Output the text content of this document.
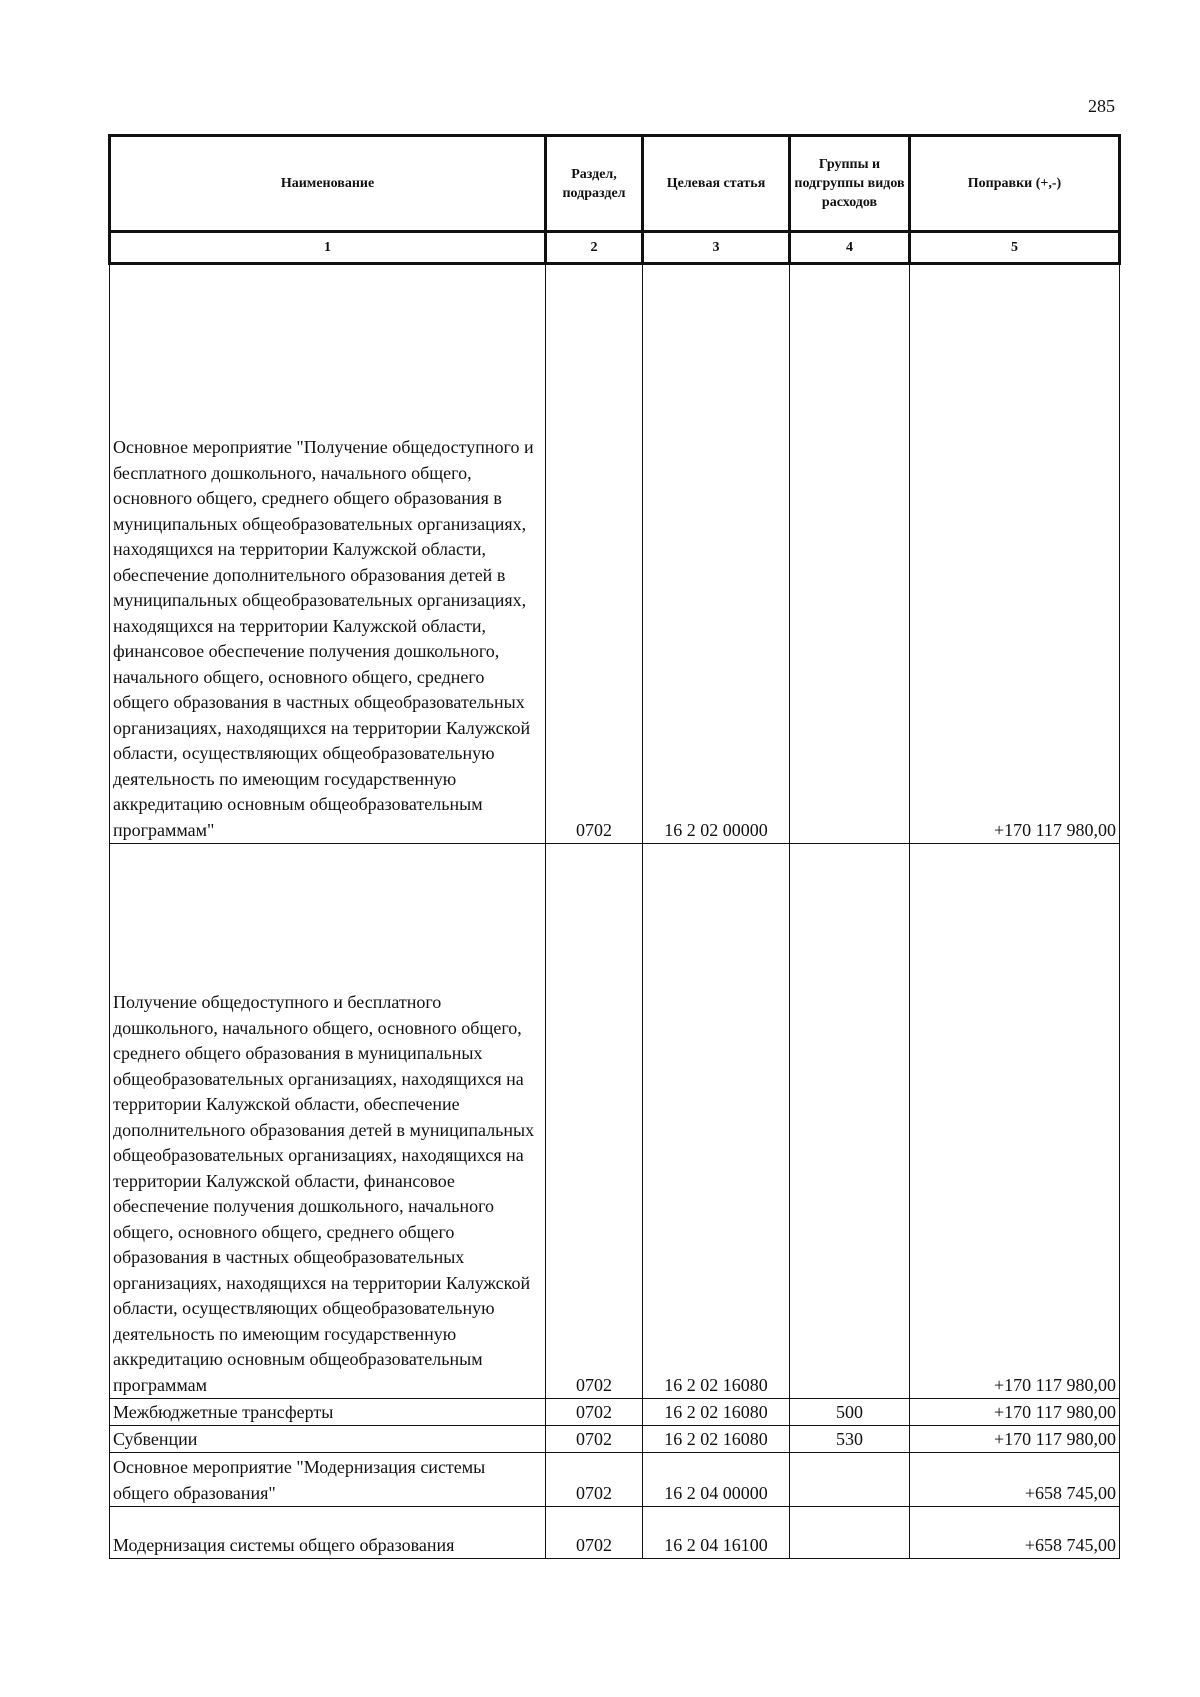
285
Наименование	Раздел, подраздел	Целевая статья	Группы и подгруппы видов расходов	Поправки (+,-)
1	2	3	4	5
Основное мероприятие "Получение общедоступного и бесплатного дошкольного, начального общего, основного общего, среднего общего образования в муниципальных общеобразовательных организациях, находящихся на территории Калужской области, обеспечение дополнительного образования детей в муниципальных общеобразовательных организациях, находящихся на территории Калужской области, финансовое обеспечение получения дошкольного, начального общего, основного общего, среднего общего образования в частных общеобразовательных организациях, находящихся на территории Калужской области, осуществляющих общеобразовательную деятельность по имеющим государственную аккредитацию основным общеобразовательным программам"	0702	16 2 02 00000		+170 117 980,00
Получение общедоступного и бесплатного дошкольного, начального общего, основного общего, среднего общего образования в муниципальных общеобразовательных организациях, находящихся на территории Калужской области, обеспечение дополнительного образования детей в муниципальных общеобразовательных организациях, находящихся на территории Калужской области, финансовое обеспечение получения дошкольного, начального общего, основного общего, среднего общего образования в частных общеобразовательных организациях, находящихся на территории Калужской области, осуществляющих общеобразовательную деятельность по имеющим государственную аккредитацию основным общеобразовательным программам	0702	16 2 02 16080		+170 117 980,00
Межбюджетные трансферты	0702	16 2 02 16080	500	+170 117 980,00
Субвенции	0702	16 2 02 16080	530	+170 117 980,00
Основное мероприятие "Модернизация системы общего образования"	0702	16 2 04 00000		+658 745,00
Модернизация системы общего образования	0702	16 2 04 16100		+658 745,00
